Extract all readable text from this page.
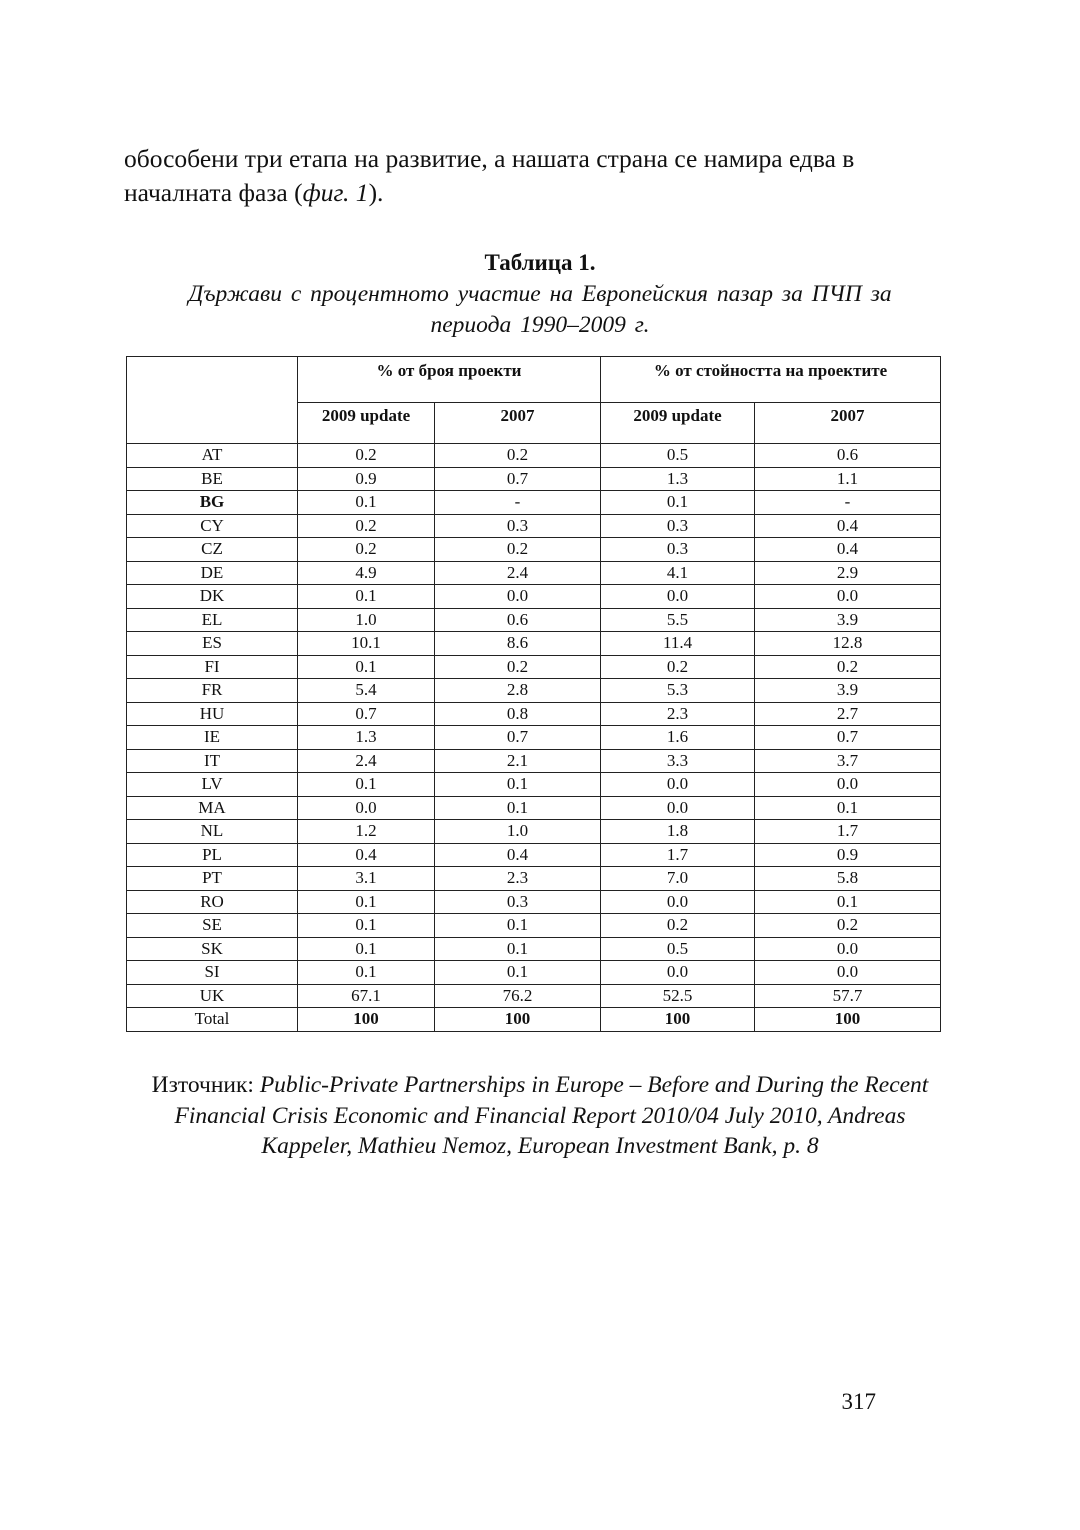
обособени три етапа на развитие, а нашата страна се намира едва в началната фаза (фиг. 1).

Таблица 1.

Държави с процентното участие на Европейския пазар за ПЧП за периода 1990–2009 г.

	% от броя проекти		% от стойността на проектите	
	2009 update	2007	2009 update	2007
AT	0.2	0.2	0.5	0.6
BE	0.9	0.7	1.3	1.1
BG	0.1	-	0.1	-
CY	0.2	0.3	0.3	0.4
CZ	0.2	0.2	0.3	0.4
DE	4.9	2.4	4.1	2.9
DK	0.1	0.0	0.0	0.0
EL	1.0	0.6	5.5	3.9
ES	10.1	8.6	11.4	12.8
FI	0.1	0.2	0.2	0.2
FR	5.4	2.8	5.3	3.9
HU	0.7	0.8	2.3	2.7
IE	1.3	0.7	1.6	0.7
IT	2.4	2.1	3.3	3.7
LV	0.1	0.1	0.0	0.0
MA	0.0	0.1	0.0	0.1
NL	1.2	1.0	1.8	1.7
PL	0.4	0.4	1.7	0.9
PT	3.1	2.3	7.0	5.8
RO	0.1	0.3	0.0	0.1
SE	0.1	0.1	0.2	0.2
SK	0.1	0.1	0.5	0.0
SI	0.1	0.1	0.0	0.0
UK	67.1	76.2	52.5	57.7
Total	100	100	100	100

Източник: Public-Private Partnerships in Europe – Before and During the Recent Financial Crisis Economic and Financial Report 2010/04 July 2010, Andreas Kappeler, Mathieu Nemoz, European Investment Bank, p. 8

317
